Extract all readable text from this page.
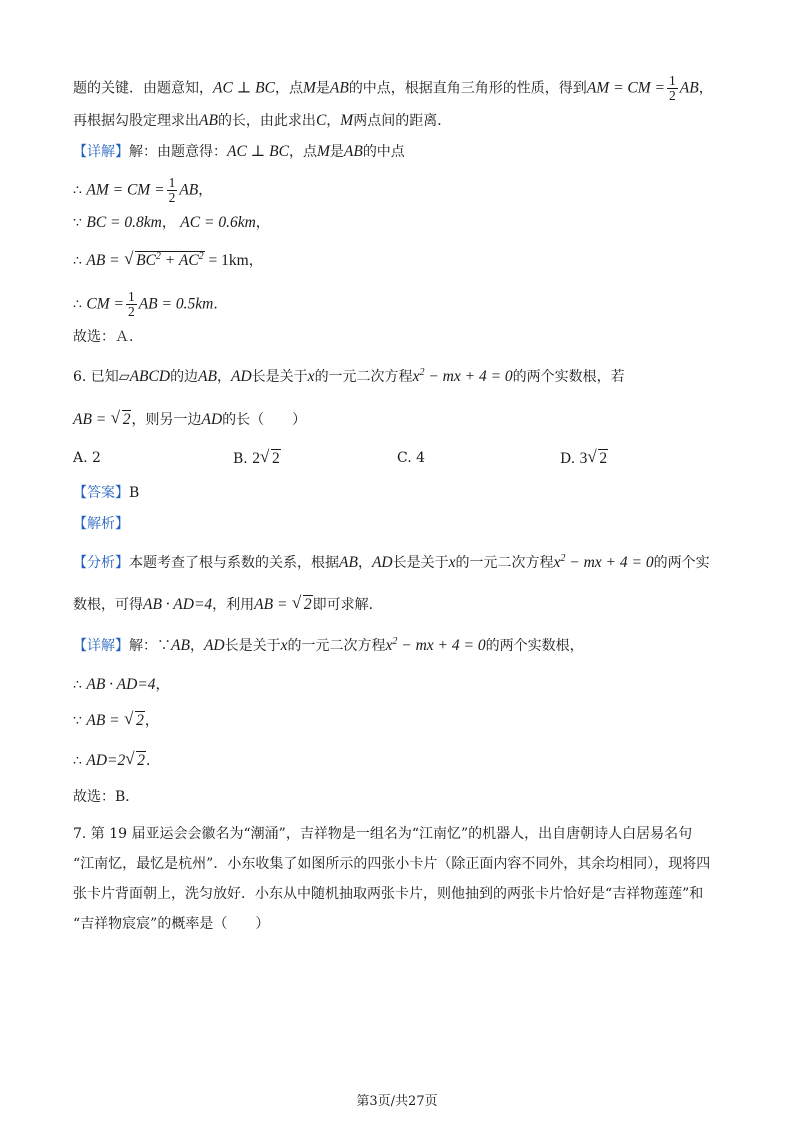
题的关键．由题意知，AC ⊥ BC，点M是AB的中点，根据直角三角形的性质，得到AM = CM = $\frac{1}{2}$ AB，
再根据勾股定理求出AB的长，由此求出C，M两点间的距离．
【详解】解：由题意得：AC ⊥ BC，点M是AB的中点
∴ AM = CM = $\frac{1}{2}$ AB，
∵ BC = 0.8km， AC = 0.6km，
∴ AB = √ $BC^2 + AC^2 = 1km$，
∴ CM = $\frac{1}{2}$ AB = 0.5km．
故选：Ａ．
6. 已知▱ABCD的边AB，AD长是关于x的一元二次方程$x^2$ − mx + 4 = 0的两个实数根，若
AB = √ 2，则另一边AD的长（　　）
A. 2	B. 2 √ 2	C. 4	D. 3 √ 2
【答案】B
【解析】
【分析】本题考查了根与系数的关系，根据AB，AD长是关于x的一元二次方程$x^2$ − mx + 4 = 0的两个实
数根，可得AB · AD=4，利用AB = √ 2即可求解．
【详解】解：∵AB，AD长是关于x的一元二次方程$x^2$ − mx + 4 = 0的两个实数根，
∴ AB · AD=4，
∵ AB = √ 2，
∴ AD=2 √ 2．
故选：B．
7. 第 19 届亚运会会徽名为“潮涌”，吉祥物是一组名为“江南忆”的机器人，出自唐朝诗人白居易名句
“江南忆，最忆是杭州”．小东收集了如图所示的四张小卡片（除正面内容不同外，其余均相同），现将四
张卡片背面朝上，洗匀放好．小东从中随机抽取两张卡片，则他抽到的两张卡片恰好是“吉祥物莲莲”和
“吉祥物宸宸”的概率是（　　）
第3页/共27页
